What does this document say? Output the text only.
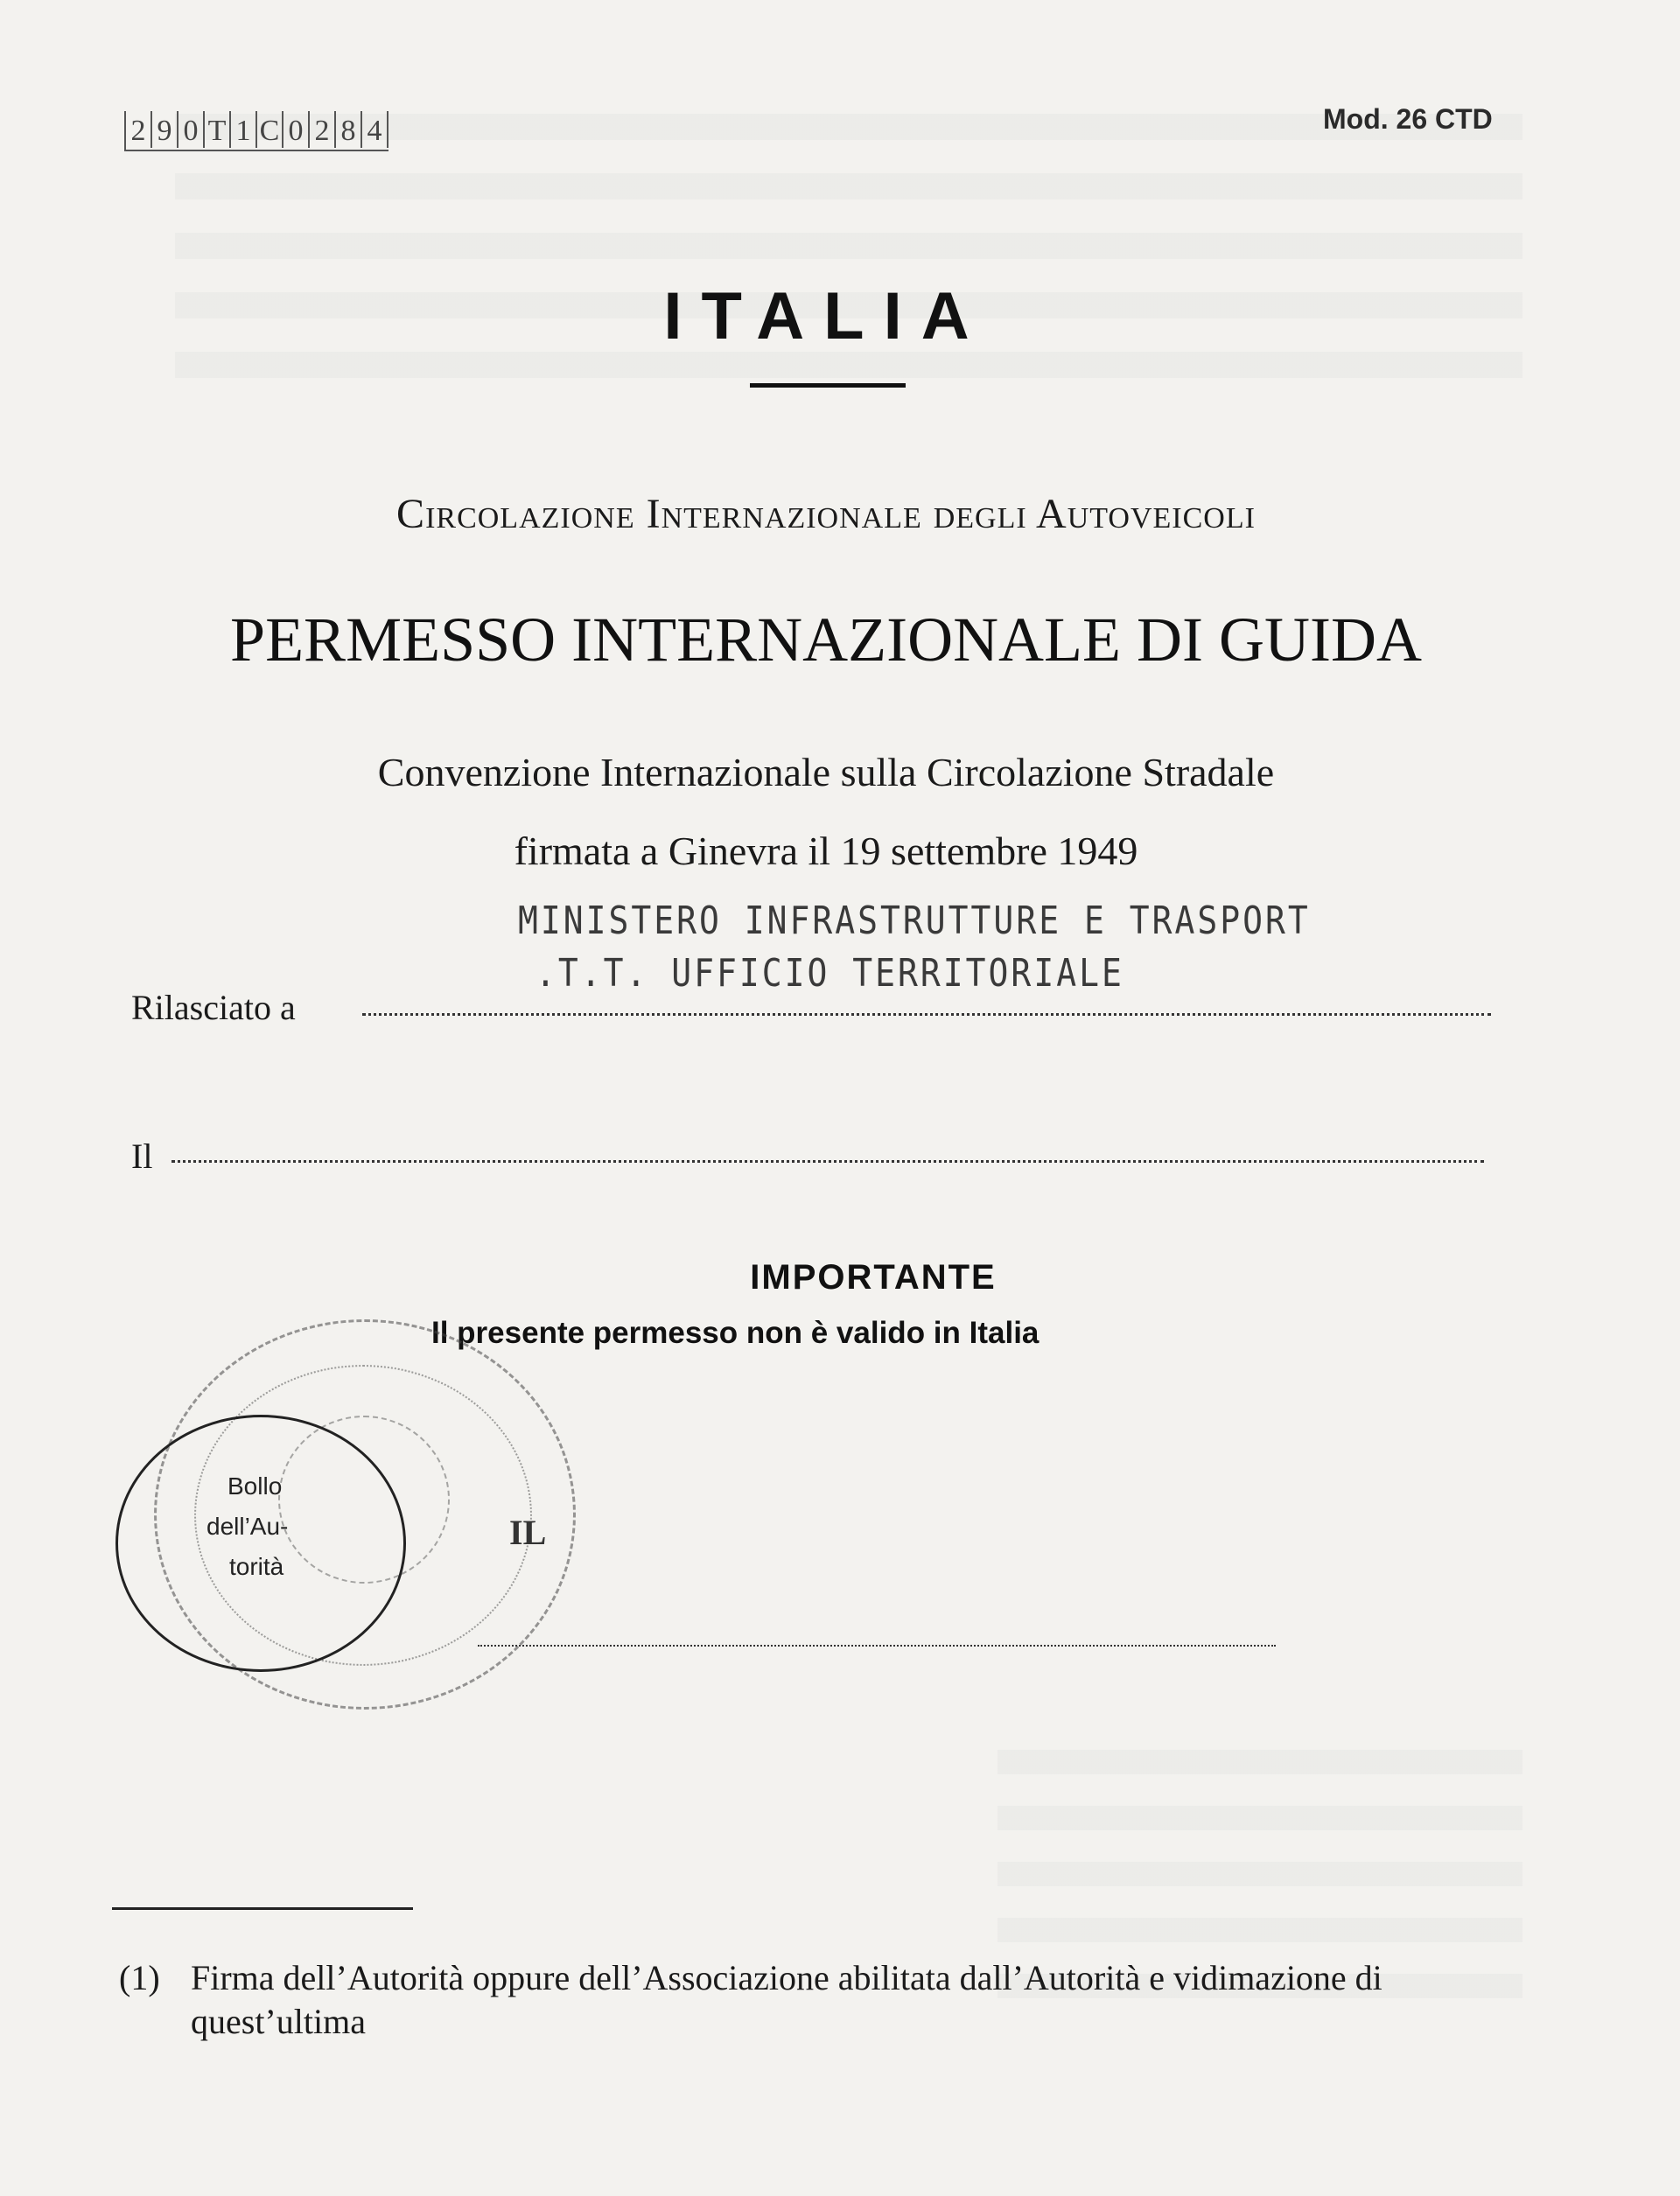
2 9 0 T 1 C 0 2 8 4	Mod. 26 CTD
ITALIA
Circolazione Internazionale degli Autoveicoli
PERMESSO INTERNAZIONALE DI GUIDA
Convenzione Internazionale sulla Circolazione Stradale
firmata a Ginevra il 19 settembre 1949
MINISTERO INFRASTRUTTURE E TRASPORT
.T.T. UFFICIO TERRITORIALE
Rilasciato a
Il
IMPORTANTE
Il presente permesso non è valido in Italia
Bollo
dell’Au-
torità
IL
(1) Firma dell’Autorità oppure dell’Associazione abilitata dall’Autorità e vidimazione di quest’ultima
